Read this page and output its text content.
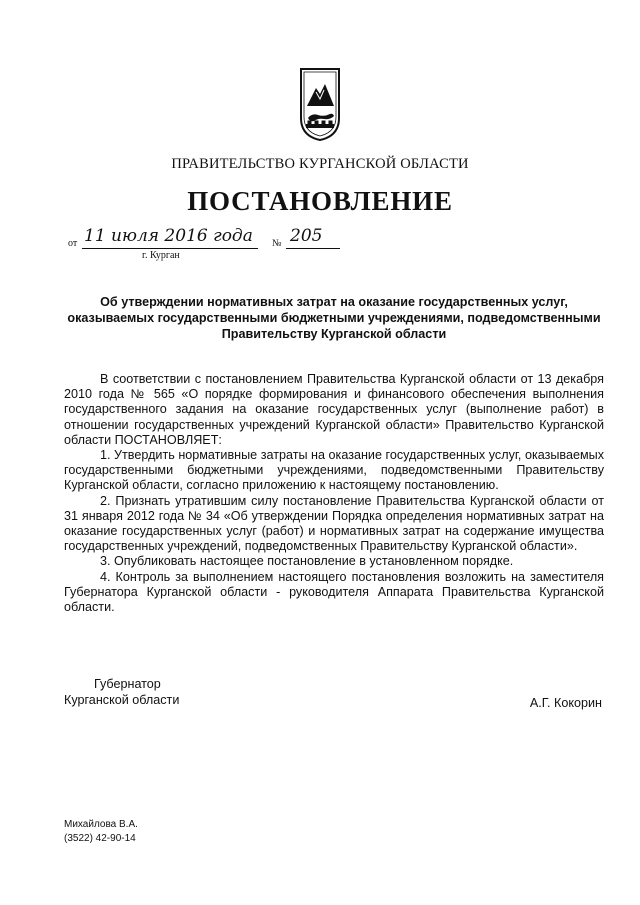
ПРАВИТЕЛЬСТВО КУРГАНСКОЙ ОБЛАСТИ
ПОСТАНОВЛЕНИЕ
от 11 июля 2016 года	№ 205
г. Курган
Об утверждении нормативных затрат на оказание государственных услуг, оказываемых государственными бюджетными учреждениями, подведомственными Правительству Курганской области

В соответствии с постановлением Правительства Курганской области от 13 декабря 2010 года № 565 «О порядке формирования и финансового обеспечения выполнения государственного задания на оказание государственных услуг (выполнение работ) в отношении государственных учреждений Курганской области» Правительство Курганской области ПОСТАНОВЛЯЕТ:

1. Утвердить нормативные затраты на оказание государственных услуг, оказываемых государственными бюджетными учреждениями, подведомственными Правительству Курганской области, согласно приложению к настоящему постановлению.

2. Признать утратившим силу постановление Правительства Курганской области от 31 января 2012 года № 34 «Об утверждении Порядка определения нормативных затрат на оказание государственных услуг (работ) и нормативных затрат на содержание имущества государственных учреждений, подведомственных Правительству Курганской области».

3. Опубликовать настоящее постановление в установленном порядке.

4. Контроль за выполнением настоящего постановления возложить на заместителя Губернатора Курганской области - руководителя Аппарата Правительства Курганской области.

Губернатор
Курганской области	А.Г. Кокорин
Михайлова В.А.
(3522) 42-90-14
